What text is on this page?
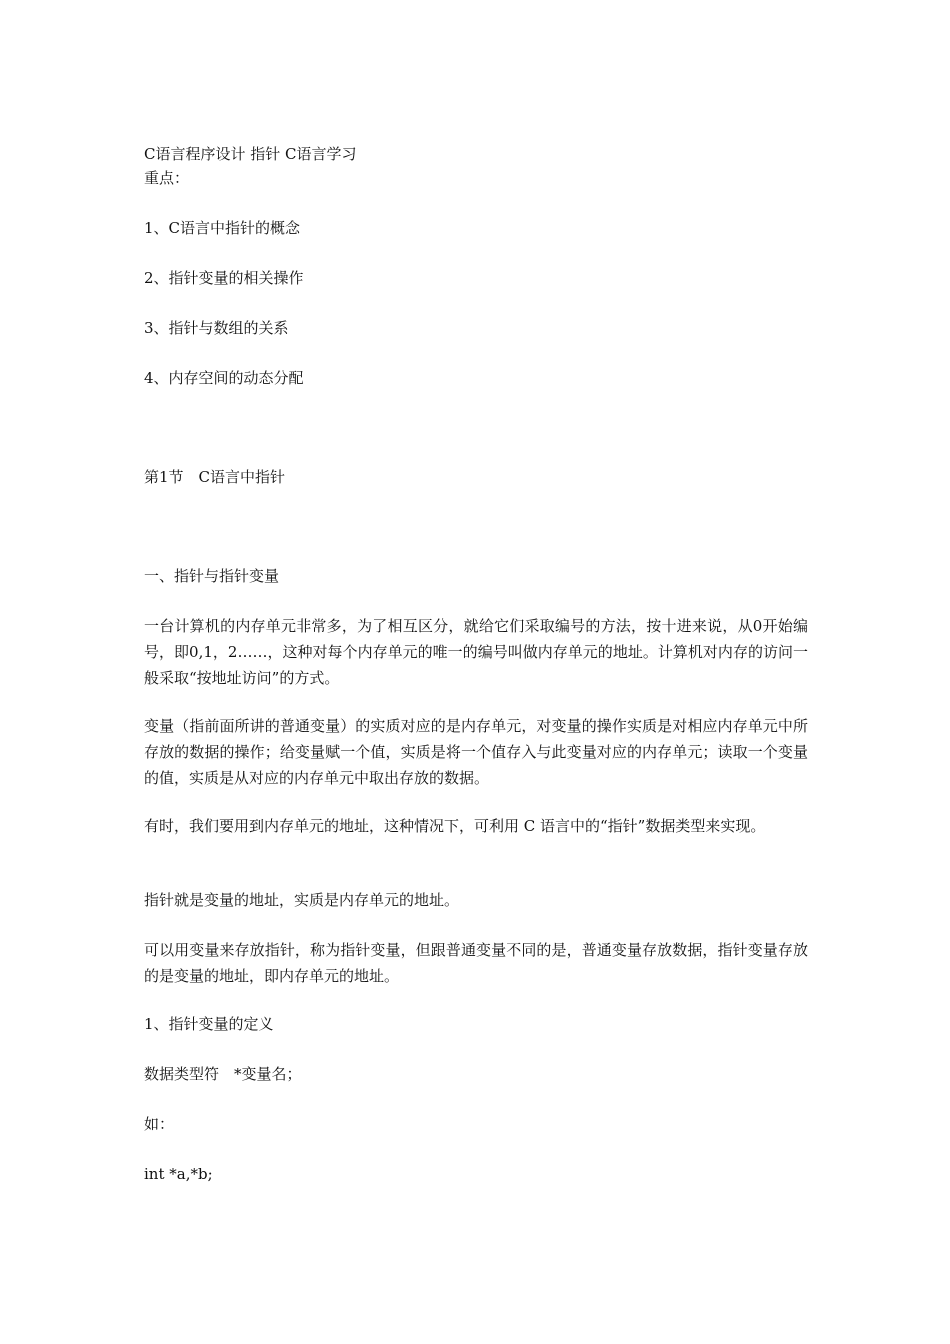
C语言程序设计 指针 C语言学习

重点：

1、C语言中指针的概念

2、指针变量的相关操作

3、指针与数组的关系

4、内存空间的动态分配

第1节　C语言中指针

一、指针与指针变量

一台计算机的内存单元非常多，为了相互区分，就给它们采取编号的方法，按十进来说，从0开始编号，即0,1，2……，这种对每个内存单元的唯一的编号叫做内存单元的地址。计算机对内存的访问一般采取“按地址访问”的方式。

变量（指前面所讲的普通变量）的实质对应的是内存单元，对变量的操作实质是对相应内存单元中所存放的数据的操作；给变量赋一个值，实质是将一个值存入与此变量对应的内存单元；读取一个变量的值，实质是从对应的内存单元中取出存放的数据。

有时，我们要用到内存单元的地址，这种情况下，可利用 C 语言中的“指针”数据类型来实现。

指针就是变量的地址，实质是内存单元的地址。

可以用变量来存放指针，称为指针变量，但跟普通变量不同的是，普通变量存放数据，指针变量存放的是变量的地址，即内存单元的地址。

1、指针变量的定义

数据类型符　*变量名；

如：

int *a,*b;
